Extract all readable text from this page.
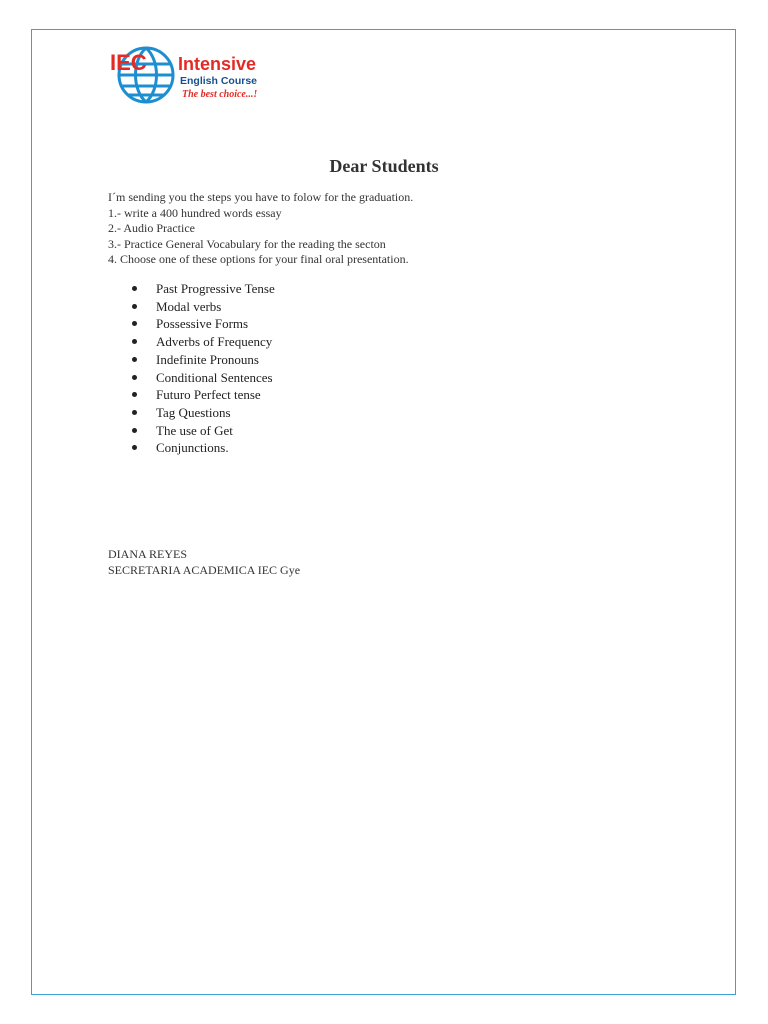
IEC Intensive
English Course
The best choice...!
Dear Students
I´m sending you the steps you have to folow for the graduation.
1.- write a 400 hundred words essay
2.- Audio Practice
3.- Practice General Vocabulary for the reading the secton
4. Choose one of these options for your final oral presentation.
Past Progressive Tense
Modal verbs
Possessive Forms
Adverbs of Frequency
Indefinite Pronouns
Conditional Sentences
Futuro Perfect tense
Tag Questions
The use of Get
Conjunctions.
DIANA REYES
SECRETARIA ACADEMICA IEC Gye
